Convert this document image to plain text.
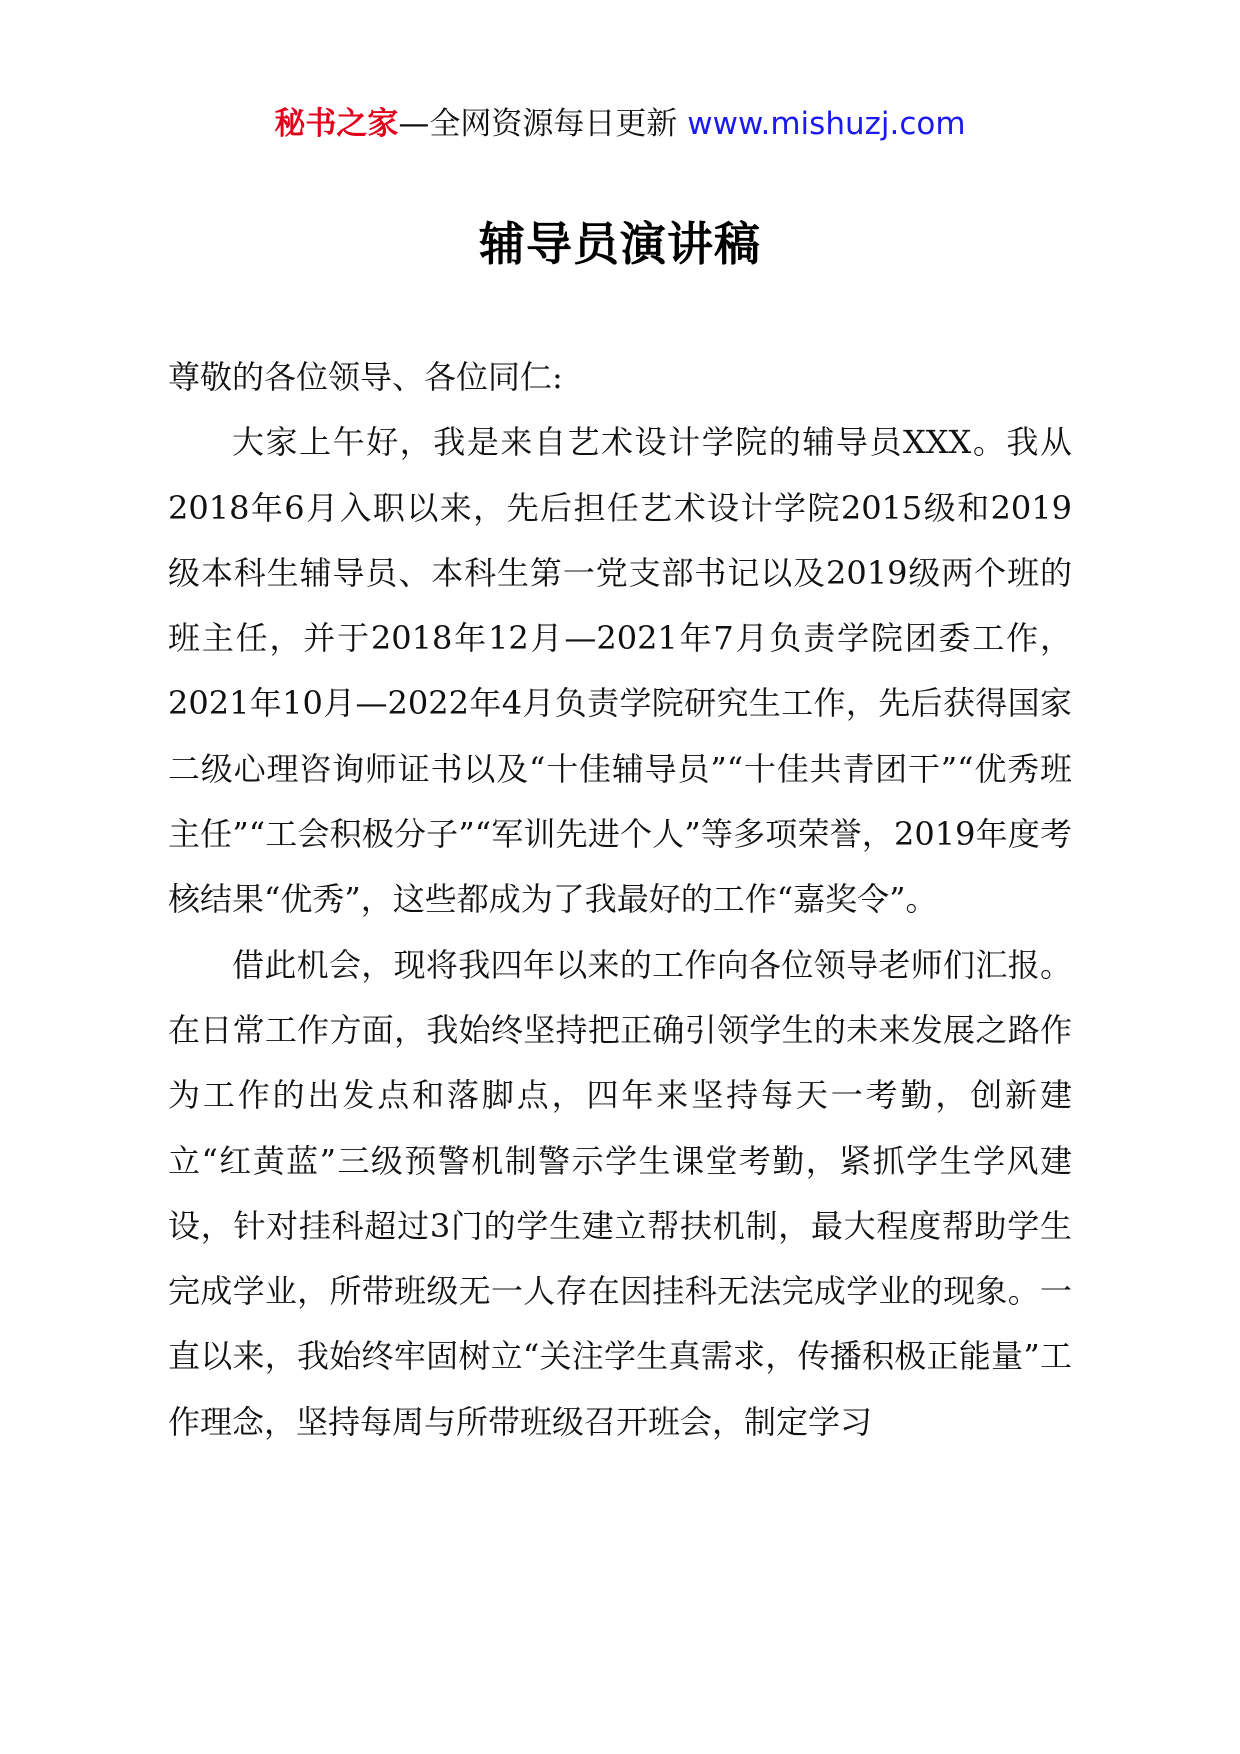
秘书之家—全网资源每日更新 www.mishuzj.com
辅导员演讲稿

尊敬的各位领导、各位同仁:

大家上午好，我是来自艺术设计学院的辅导员XXX。我从2018年6月入职以来，先后担任艺术设计学院2015级和2019级本科生辅导员、本科生第一党支部书记以及2019级两个班的班主任，并于2018年12月—2021年7月负责学院团委工作，2021年10月—2022年4月负责学院研究生工作，先后获得国家二级心理咨询师证书以及“十佳辅导员”“十佳共青团干”“优秀班主任”“工会积极分子”“军训先进个人”等多项荣誉，2019年度考核结果“优秀”，这些都成为了我最好的工作“嘉奖令”。

借此机会，现将我四年以来的工作向各位领导老师们汇报。在日常工作方面，我始终坚持把正确引领学生的未来发展之路作为工作的出发点和落脚点，四年来坚持每天一考勤，创新建立“红黄蓝”三级预警机制警示学生课堂考勤，紧抓学生学风建设，针对挂科超过3门的学生建立帮扶机制，最大程度帮助学生完成学业，所带班级无一人存在因挂科无法完成学业的现象。一直以来，我始终牢固树立“关注学生真需求，传播积极正能量”工作理念，坚持每周与所带班级召开班会，制定学习
